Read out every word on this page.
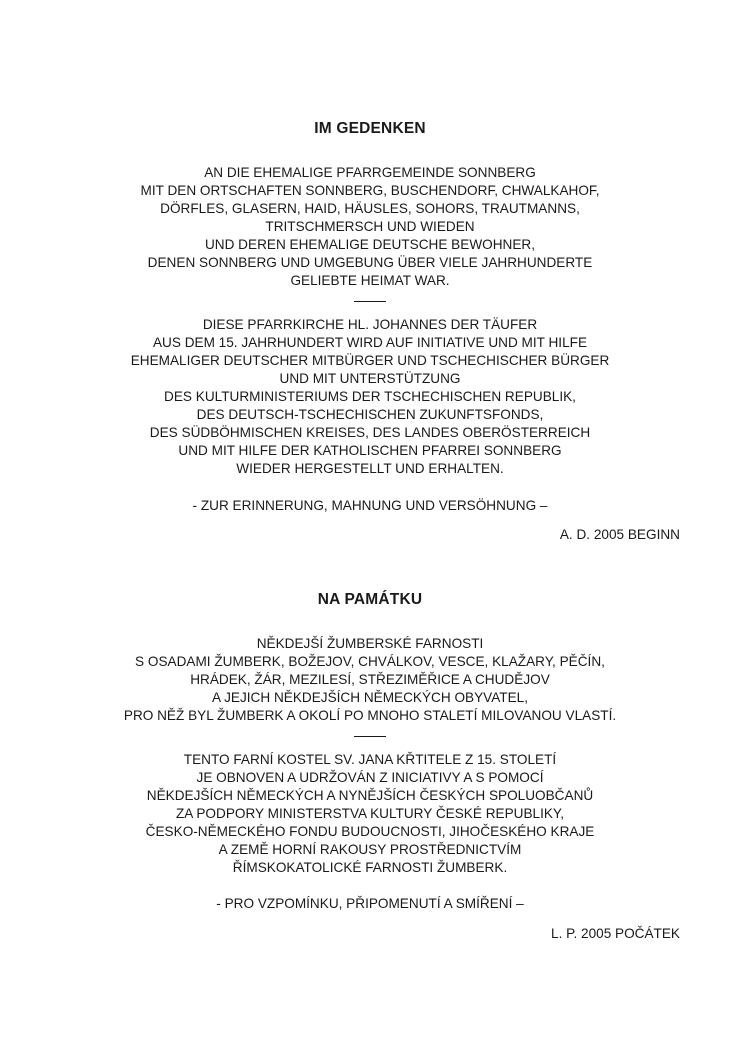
IM GEDENKEN

AN DIE EHEMALIGE PFARRGEMEINDE SONNBERG
MIT DEN ORTSCHAFTEN SONNBERG, BUSCHENDORF, CHWALKAHOF,
DÖRFLES, GLASERN, HAID, HÄUSLES, SOHORS, TRAUTMANNS,
TRITSCHMERSCH UND WIEDEN
UND DEREN EHEMALIGE DEUTSCHE BEWOHNER,
DENEN SONNBERG UND UMGEBUNG ÜBER VIELE JAHRHUNDERTE
GELIEBTE HEIMAT WAR.

DIESE PFARRKIRCHE HL. JOHANNES DER TÄUFER
AUS DEM 15. JAHRHUNDERT WIRD AUF INITIATIVE UND MIT HILFE
EHEMALIGER DEUTSCHER MITBÜRGER UND TSCHECHISCHER BÜRGER
UND MIT UNTERSTÜTZUNG
DES KULTURMINISTERIUMS DER TSCHECHISCHEN REPUBLIK,
DES DEUTSCH-TSCHECHISCHEN ZUKUNFTSFONDS,
DES SÜDBÖHMISCHEN KREISES, DES LANDES OBERÖSTERREICH
UND MIT HILFE DER KATHOLISCHEN PFARREI SONNBERG
WIEDER HERGESTELLT UND ERHALTEN.

- ZUR ERINNERUNG, MAHNUNG UND VERSÖHNUNG –

A. D. 2005 BEGINN

NA PAMÁTKU

NĚKDEJŠÍ ŽUMBERSKÉ FARNOSTI
S OSADAMI ŽUMBERK, BOŽEJOV, CHVÁLKOV, VESCE, KLAŽARY, PĚČÍN,
HRÁDEK, ŽÁR, MEZILESÍ, STŘEZIMĚŘICE A CHUDĚJOV
A JEJICH NĚKDEJŠÍCH NĚMECKÝCH OBYVATEL,
PRO NĚŽ BYL ŽUMBERK A OKOLÍ PO MNOHO STALETÍ MILOVANOU VLASTÍ.

TENTO FARNÍ KOSTEL SV. JANA KŘTITELE Z 15. STOLETÍ
JE OBNOVEN A UDRŽOVÁN Z INICIATIVY A S POMOCÍ
NĚKDEJŠÍCH NĚMECKÝCH A NYNĚJŠÍCH ČESKÝCH SPOLUOBČANŮ
ZA PODPORY MINISTERSTVA KULTURY ČESKÉ REPUBLIKY,
ČESKO-NĚMECKÉHO FONDU BUDOUCNOSTI, JIHOČESKÉHO KRAJE
A ZEMĚ HORNÍ RAKOUSY PROSTŘEDNICTVÍM
ŘÍMSKOKATOLICKÉ FARNOSTI ŽUMBERK.

- PRO VZPOMÍNKU, PŘIPOMENUTÍ A SMÍŘENÍ –

L. P. 2005 POČÁTEK
